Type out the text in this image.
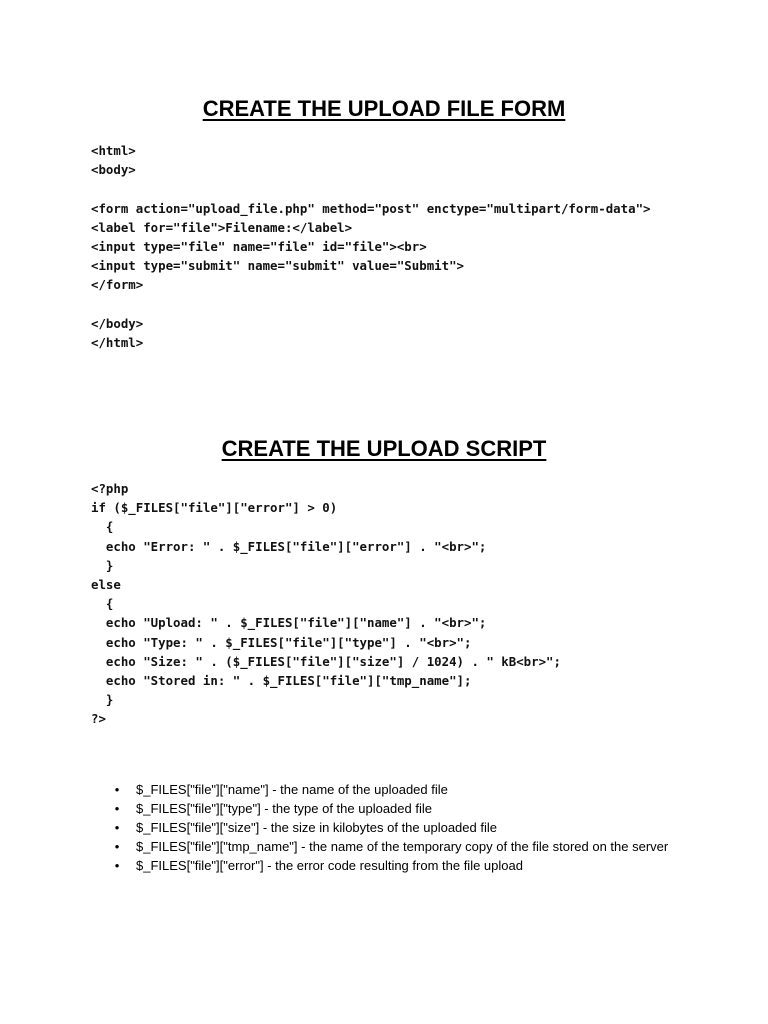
CREATE THE UPLOAD FILE FORM
<html>
<body>

<form action="upload_file.php" method="post" enctype="multipart/form-data">
<label for="file">Filename:</label>
<input type="file" name="file" id="file"><br>
<input type="submit" name="submit" value="Submit">
</form>

</body>
</html>
CREATE THE UPLOAD SCRIPT
<?php
if ($_FILES["file"]["error"] > 0)
{
echo "Error: " . $_FILES["file"]["error"] . "<br>";
}
else
{
echo "Upload: " . $_FILES["file"]["name"] . "<br>";
echo "Type: " . $_FILES["file"]["type"] . "<br>";
echo "Size: " . ($_FILES["file"]["size"] / 1024) . " kB<br>";
echo "Stored in: " . $_FILES["file"]["tmp_name"];
}
?>
• $_FILES["file"]["name"] - the name of the uploaded file
• $_FILES["file"]["type"] - the type of the uploaded file
• $_FILES["file"]["size"] - the size in kilobytes of the uploaded file
• $_FILES["file"]["tmp_name"] - the name of the temporary copy of the file stored on the server
• $_FILES["file"]["error"] - the error code resulting from the file upload
